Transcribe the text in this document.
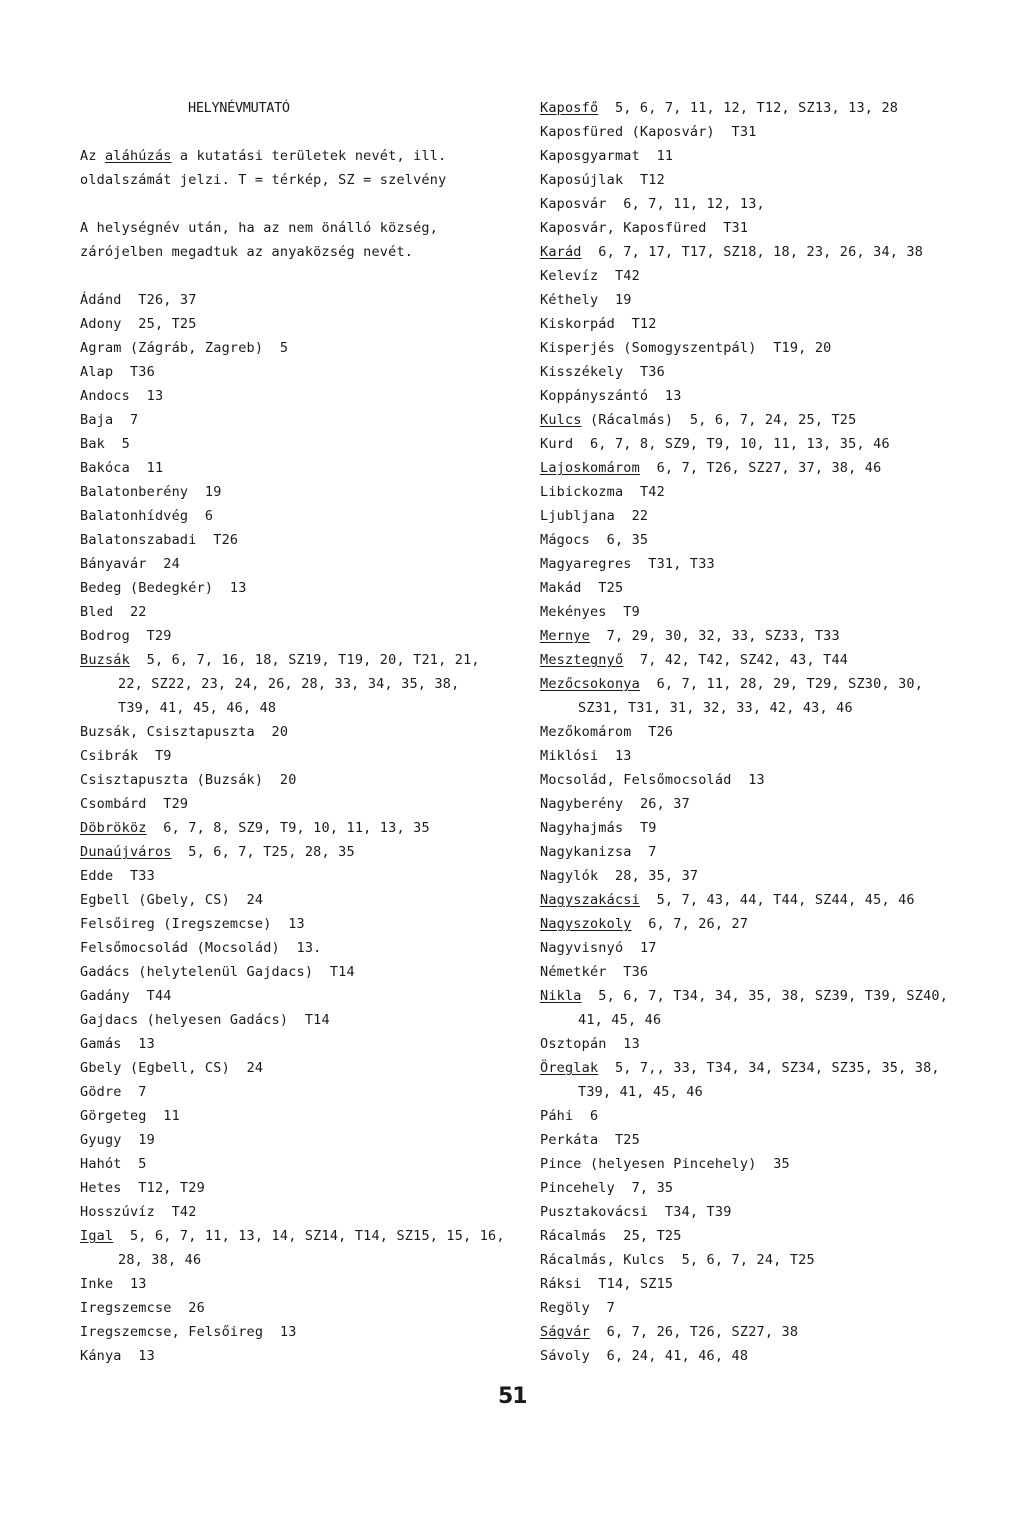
HELYNÉVMUTATÓ
Az aláhúzás a kutatási területek nevét, ill.
oldalszámát jelzi. T = térkép, SZ = szelvény
A helységnév után, ha az nem önálló község,
zárójelben megadtuk az anyaközség nevét.
Ádánd T26, 37
Adony 25, T25
Agram (Zágráb, Zagreb) 5
Alap T36
Andocs 13
Baja 7
Bak 5
Bakóca 11
Balatonberény 19
Balatonhídvég 6
Balatonszabadi T26
Bányavár 24
Bedeg (Bedegkér) 13
Bled 22
Bodrog T29
Buzsák 5, 6, 7, 16, 18, SZ19, T19, 20, T21, 21,
22, SZ22, 23, 24, 26, 28, 33, 34, 35, 38,
T39, 41, 45, 46, 48
Buzsák, Csisztapuszta 20
Csibrák T9
Csisztapuszta (Buzsák) 20
Csombárd T29
Döbrököz 6, 7, 8, SZ9, T9, 10, 11, 13, 35
Dunaújváros 5, 6, 7, T25, 28, 35
Edde T33
Egbell (Gbely, CS) 24
Felsőireg (Iregszemcse) 13
Felsőmocsolád (Mocsolád) 13.
Gadács (helytelenül Gajdacs) T14
Gadány T44
Gajdacs (helyesen Gadács) T14
Gamás 13
Gbely (Egbell, CS) 24
Gödre 7
Görgeteg 11
Gyugy 19
Hahót 5
Hetes T12, T29
Hosszúvíz T42
Igal 5, 6, 7, 11, 13, 14, SZ14, T14, SZ15, 15, 16,
28, 38, 46
Inke 13
Iregszemcse 26
Iregszemcse, Felsőireg 13
Kánya 13
Kaposfő 5, 6, 7, 11, 12, T12, SZ13, 13, 28
Kaposfüred (Kaposvár) T31
Kaposgyarmat 11
Kaposújlak T12
Kaposvár 6, 7, 11, 12, 13,
Kaposvár, Kaposfüred T31
Karád 6, 7, 17, T17, SZ18, 18, 23, 26, 34, 38
Kelevíz T42
Kéthely 19
Kiskorpád T12
Kisperjés (Somogyszentpál) T19, 20
Kisszékely T36
Koppányszántó 13
Kulcs (Rácalmás) 5, 6, 7, 24, 25, T25
Kurd 6, 7, 8, SZ9, T9, 10, 11, 13, 35, 46
Lajoskomárom 6, 7, T26, SZ27, 37, 38, 46
Libickozma T42
Ljubljana 22
Mágocs 6, 35
Magyaregres T31, T33
Makád T25
Mekényes T9
Mernye 7, 29, 30, 32, 33, SZ33, T33
Mesztegnyő 7, 42, T42, SZ42, 43, T44
Mezőcsokonya 6, 7, 11, 28, 29, T29, SZ30, 30,
SZ31, T31, 31, 32, 33, 42, 43, 46
Mezőkomárom T26
Miklósi 13
Mocsolád, Felsőmocsolád 13
Nagyberény 26, 37
Nagyhajmás T9
Nagykanizsa 7
Nagylók 28, 35, 37
Nagyszakácsi 5, 7, 43, 44, T44, SZ44, 45, 46
Nagyszokoly 6, 7, 26, 27
Nagyvisnyó 17
Németkér T36
Nikla 5, 6, 7, T34, 34, 35, 38, SZ39, T39, SZ40,
41, 45, 46
Osztopán 13
Öreglak 5, 7,, 33, T34, 34, SZ34, SZ35, 35, 38,
T39, 41, 45, 46
Páhi 6
Perkáta T25
Pince (helyesen Pincehely) 35
Pincehely 7, 35
Pusztakovácsi T34, T39
Rácalmás 25, T25
Rácalmás, Kulcs 5, 6, 7, 24, T25
Ráksi T14, SZ15
Regöly 7
Ságvár 6, 7, 26, T26, SZ27, 38
Sávoly 6, 24, 41, 46, 48
51
